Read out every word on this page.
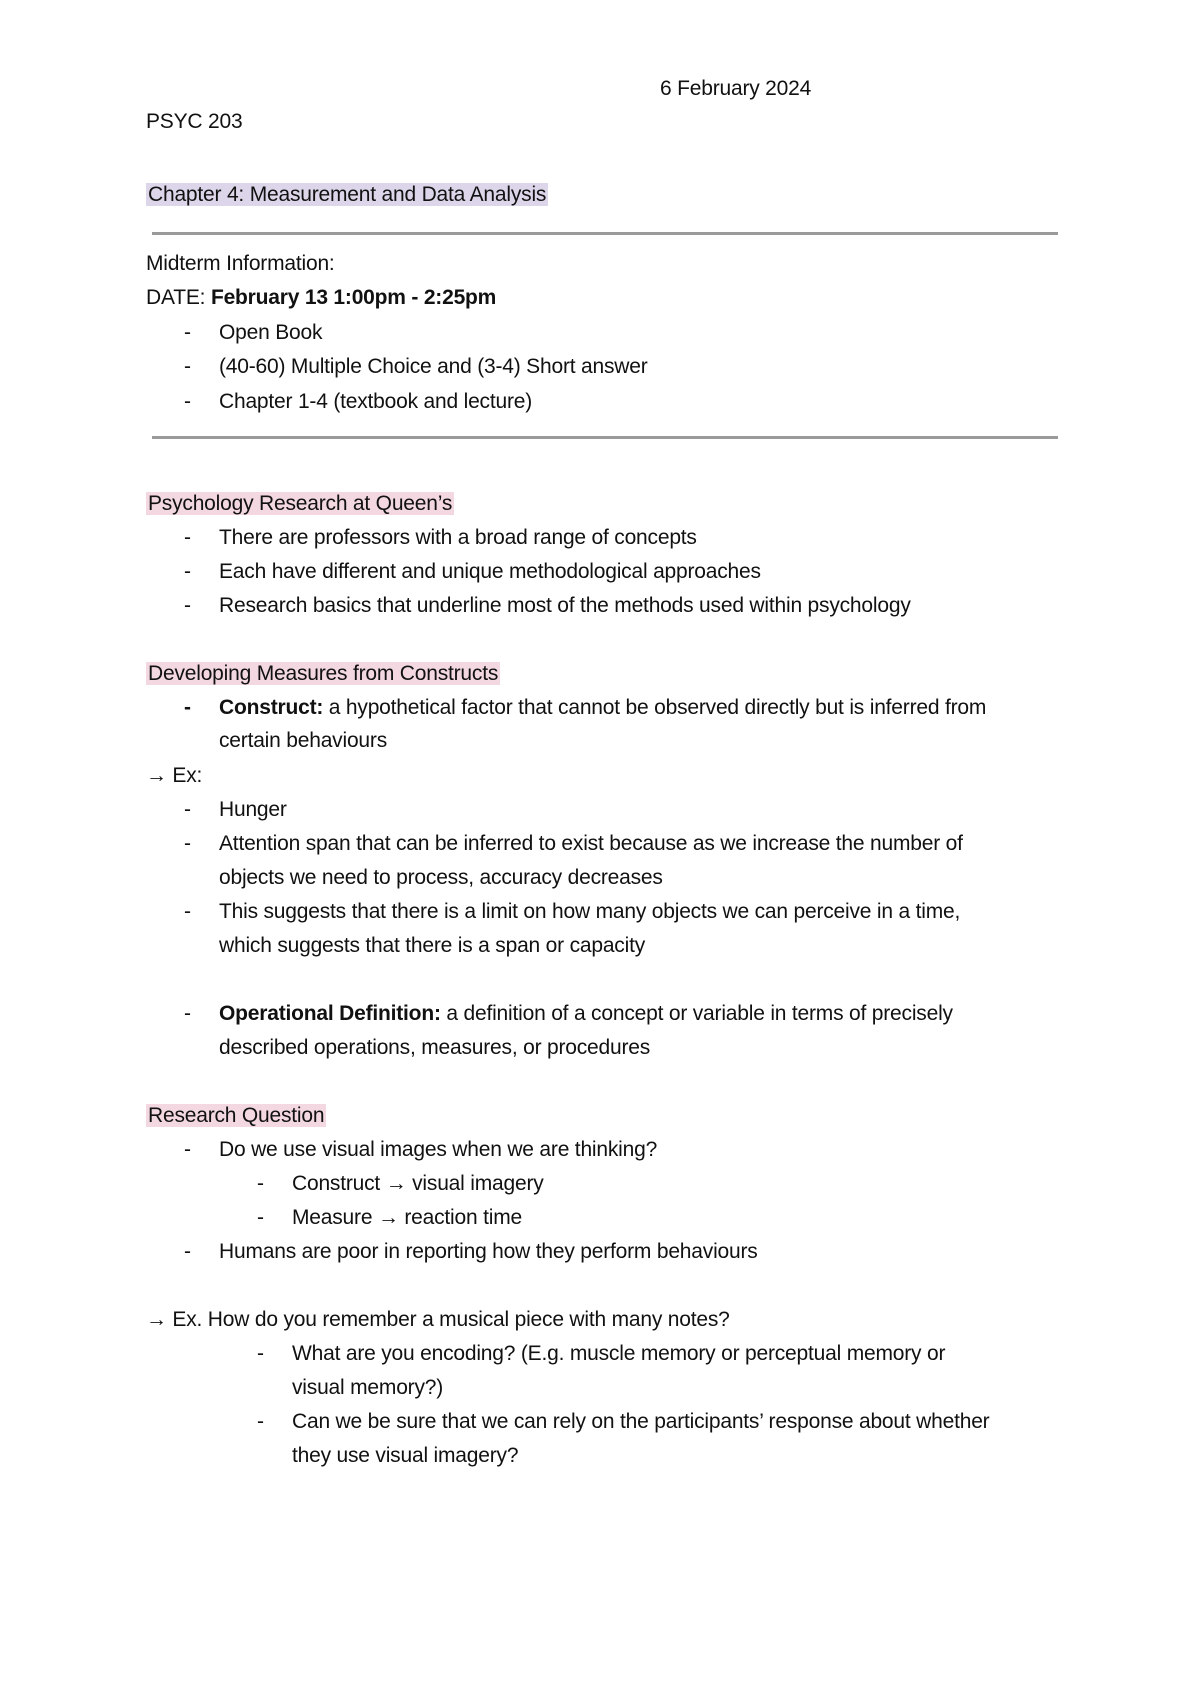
6 February 2024
PSYC 203
Chapter 4: Measurement and Data Analysis
Midterm Information:
DATE: February 13 1:00pm - 2:25pm
- Open Book
- (40-60) Multiple Choice and (3-4) Short answer
- Chapter 1-4 (textbook and lecture)
Psychology Research at Queen’s
- There are professors with a broad range of concepts
- Each have different and unique methodological approaches
- Research basics that underline most of the methods used within psychology
Developing Measures from Constructs
- Construct: a hypothetical factor that cannot be observed directly but is inferred from
certain behaviours
→ Ex:
- Hunger
- Attention span that can be inferred to exist because as we increase the number of
objects we need to process, accuracy decreases
- This suggests that there is a limit on how many objects we can perceive in a time,
which suggests that there is a span or capacity
- Operational Definition: a definition of a concept or variable in terms of precisely
described operations, measures, or procedures
Research Question
- Do we use visual images when we are thinking?
- Construct → visual imagery
- Measure → reaction time
- Humans are poor in reporting how they perform behaviours
→ Ex. How do you remember a musical piece with many notes?
- What are you encoding? (E.g. muscle memory or perceptual memory or
visual memory?)
- Can we be sure that we can rely on the participants’ response about whether
they use visual imagery?
